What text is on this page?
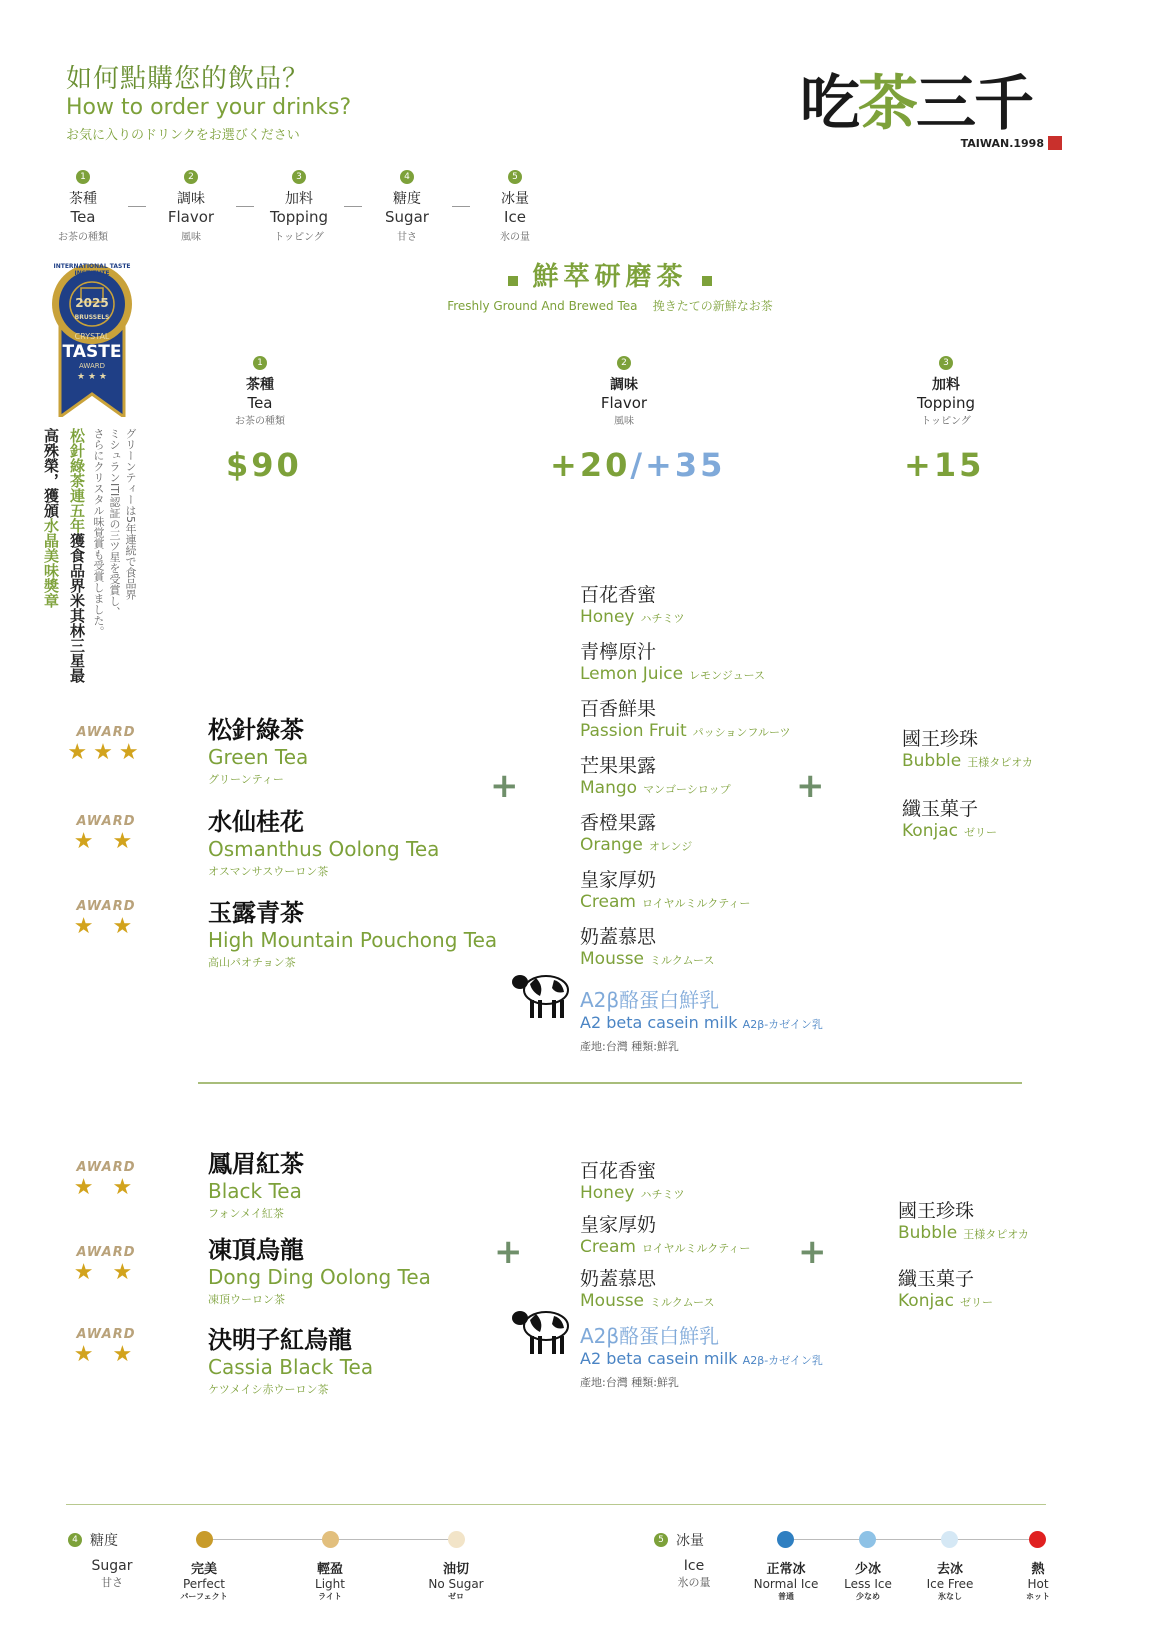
如何點購您的飲品？
How to order your drinks?
お気に入りのドリンクをお選びください
1
茶種
Tea
お茶の種類
2
調味
Flavor
風味
3
加料
Topping
トッピング
4
糖度
Sugar
甘さ
5
冰量
Ice
氷の量
吃茶三千
TAIWAN.1998
2025
INTERNATIONAL TASTE INSTITUTE
BRUSSELS
CRYSTAL
TASTE
AWARD
★ ★ ★
松針綠茶連五年獲食品界米其林三星最高殊榮，獲頒水晶美味獎章	グリーンティーは5年連続で食品界
ミシュランITI認証の三ツ星を受賞し、
さらにクリスタル味覚賞も受賞しました。
鮮萃研磨茶
Freshly Ground And Brewed Tea 挽きたての新鮮なお茶
1
茶種
Tea
お茶の種類
2
調味
Flavor
風味
3
加料
Topping
トッピング
$90	+20/+35	+15
AWARD
★★★
AWARD
★ ★
AWARD
★ ★
松針綠茶
Green Tea
グリーンティー
水仙桂花
Osmanthus Oolong Tea
オスマンサスウーロン茶
玉露青茶
High Mountain Pouchong Tea
高山パオチョン茶
+
百花香蜜
Honey ハチミツ
青檸原汁
Lemon Juice レモンジュース
百香鮮果
Passion Fruit パッションフルーツ
芒果果露
Mango マンゴーシロップ
香橙果露
Orange オレンジ
皇家厚奶
Cream ロイヤルミルクティー
奶蓋慕思
Mousse ミルクムース
A2β酪蛋白鮮乳
A2 beta casein milk A2β-カゼイン乳
產地:台灣 種類:鮮乳
+
國王珍珠
Bubble 王様タピオカ
纖玉菓子
Konjac ゼリー
AWARD
★ ★
AWARD
★ ★
AWARD
★ ★
鳳眉紅茶
Black Tea
フォンメイ紅茶
凍頂烏龍
Dong Ding Oolong Tea
凍頂ウーロン茶
決明子紅烏龍
Cassia Black Tea
ケツメイシ赤ウーロン茶
+
百花香蜜
Honey ハチミツ
皇家厚奶
Cream ロイヤルミルクティー
奶蓋慕思
Mousse ミルクムース
A2β酪蛋白鮮乳
A2 beta casein milk A2β-カゼイン乳
產地:台灣 種類:鮮乳
+
國王珍珠
Bubble 王様タピオカ
纖玉菓子
Konjac ゼリー
4 糖度
Sugar
甘さ
完美
Perfect
パーフェクト
輕盈
Light
ライト
油切
No Sugar
ゼロ
5 冰量
Ice
氷の量
正常冰
Normal Ice
普通
少冰
Less Ice
少なめ
去冰
Ice Free
氷なし
熱
Hot
ホット
